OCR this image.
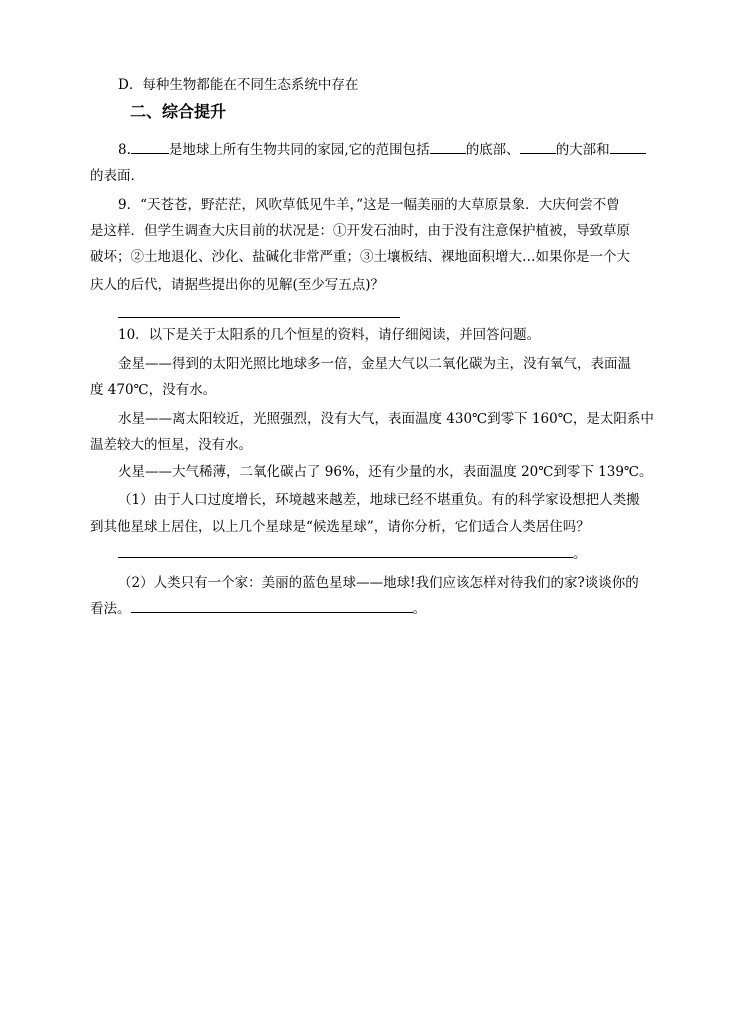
D．每种生物都能在不同生态系统中存在
二、综合提升
8.	是地球上所有生物共同的家园,它的范围包括	的底部、	的大部和
的表面．
9．“天苍苍，野茫茫，风吹草低见牛羊，”这是一幅美丽的大草原景象．大庆何尝不曾
是这样．但学生调查大庆目前的状况是：①开发石油时，由于没有注意保护植被，导致草原
破坏；②土地退化、沙化、盐碱化非常严重；③土壤板结、裸地面积增大…如果你是一个大
庆人的后代，请据些提出你的见解(至少写五点)？
10．以下是关于太阳系的几个恒星的资料，请仔细阅读，并回答问题。
金星——得到的太阳光照比地球多一倍，金星大气以二氧化碳为主，没有氧气，表面温
度 470℃，没有水。
水星——离太阳较近，光照强烈，没有大气，表面温度 430℃到零下 160℃，是太阳系中
温差较大的恒星，没有水。
火星——大气稀薄，二氧化碳占了 96%，还有少量的水，表面温度 20℃到零下 139℃。
（1）由于人口过度增长，环境越来越差，地球已经不堪重负。有的科学家设想把人类搬
到其他星球上居住，以上几个星球是“候选星球”，请你分析，它们适合人类居住吗？
。
（2）人类只有一个家：美丽的蓝色星球——地球!我们应该怎样对待我们的家?谈谈你的
看法。	。
